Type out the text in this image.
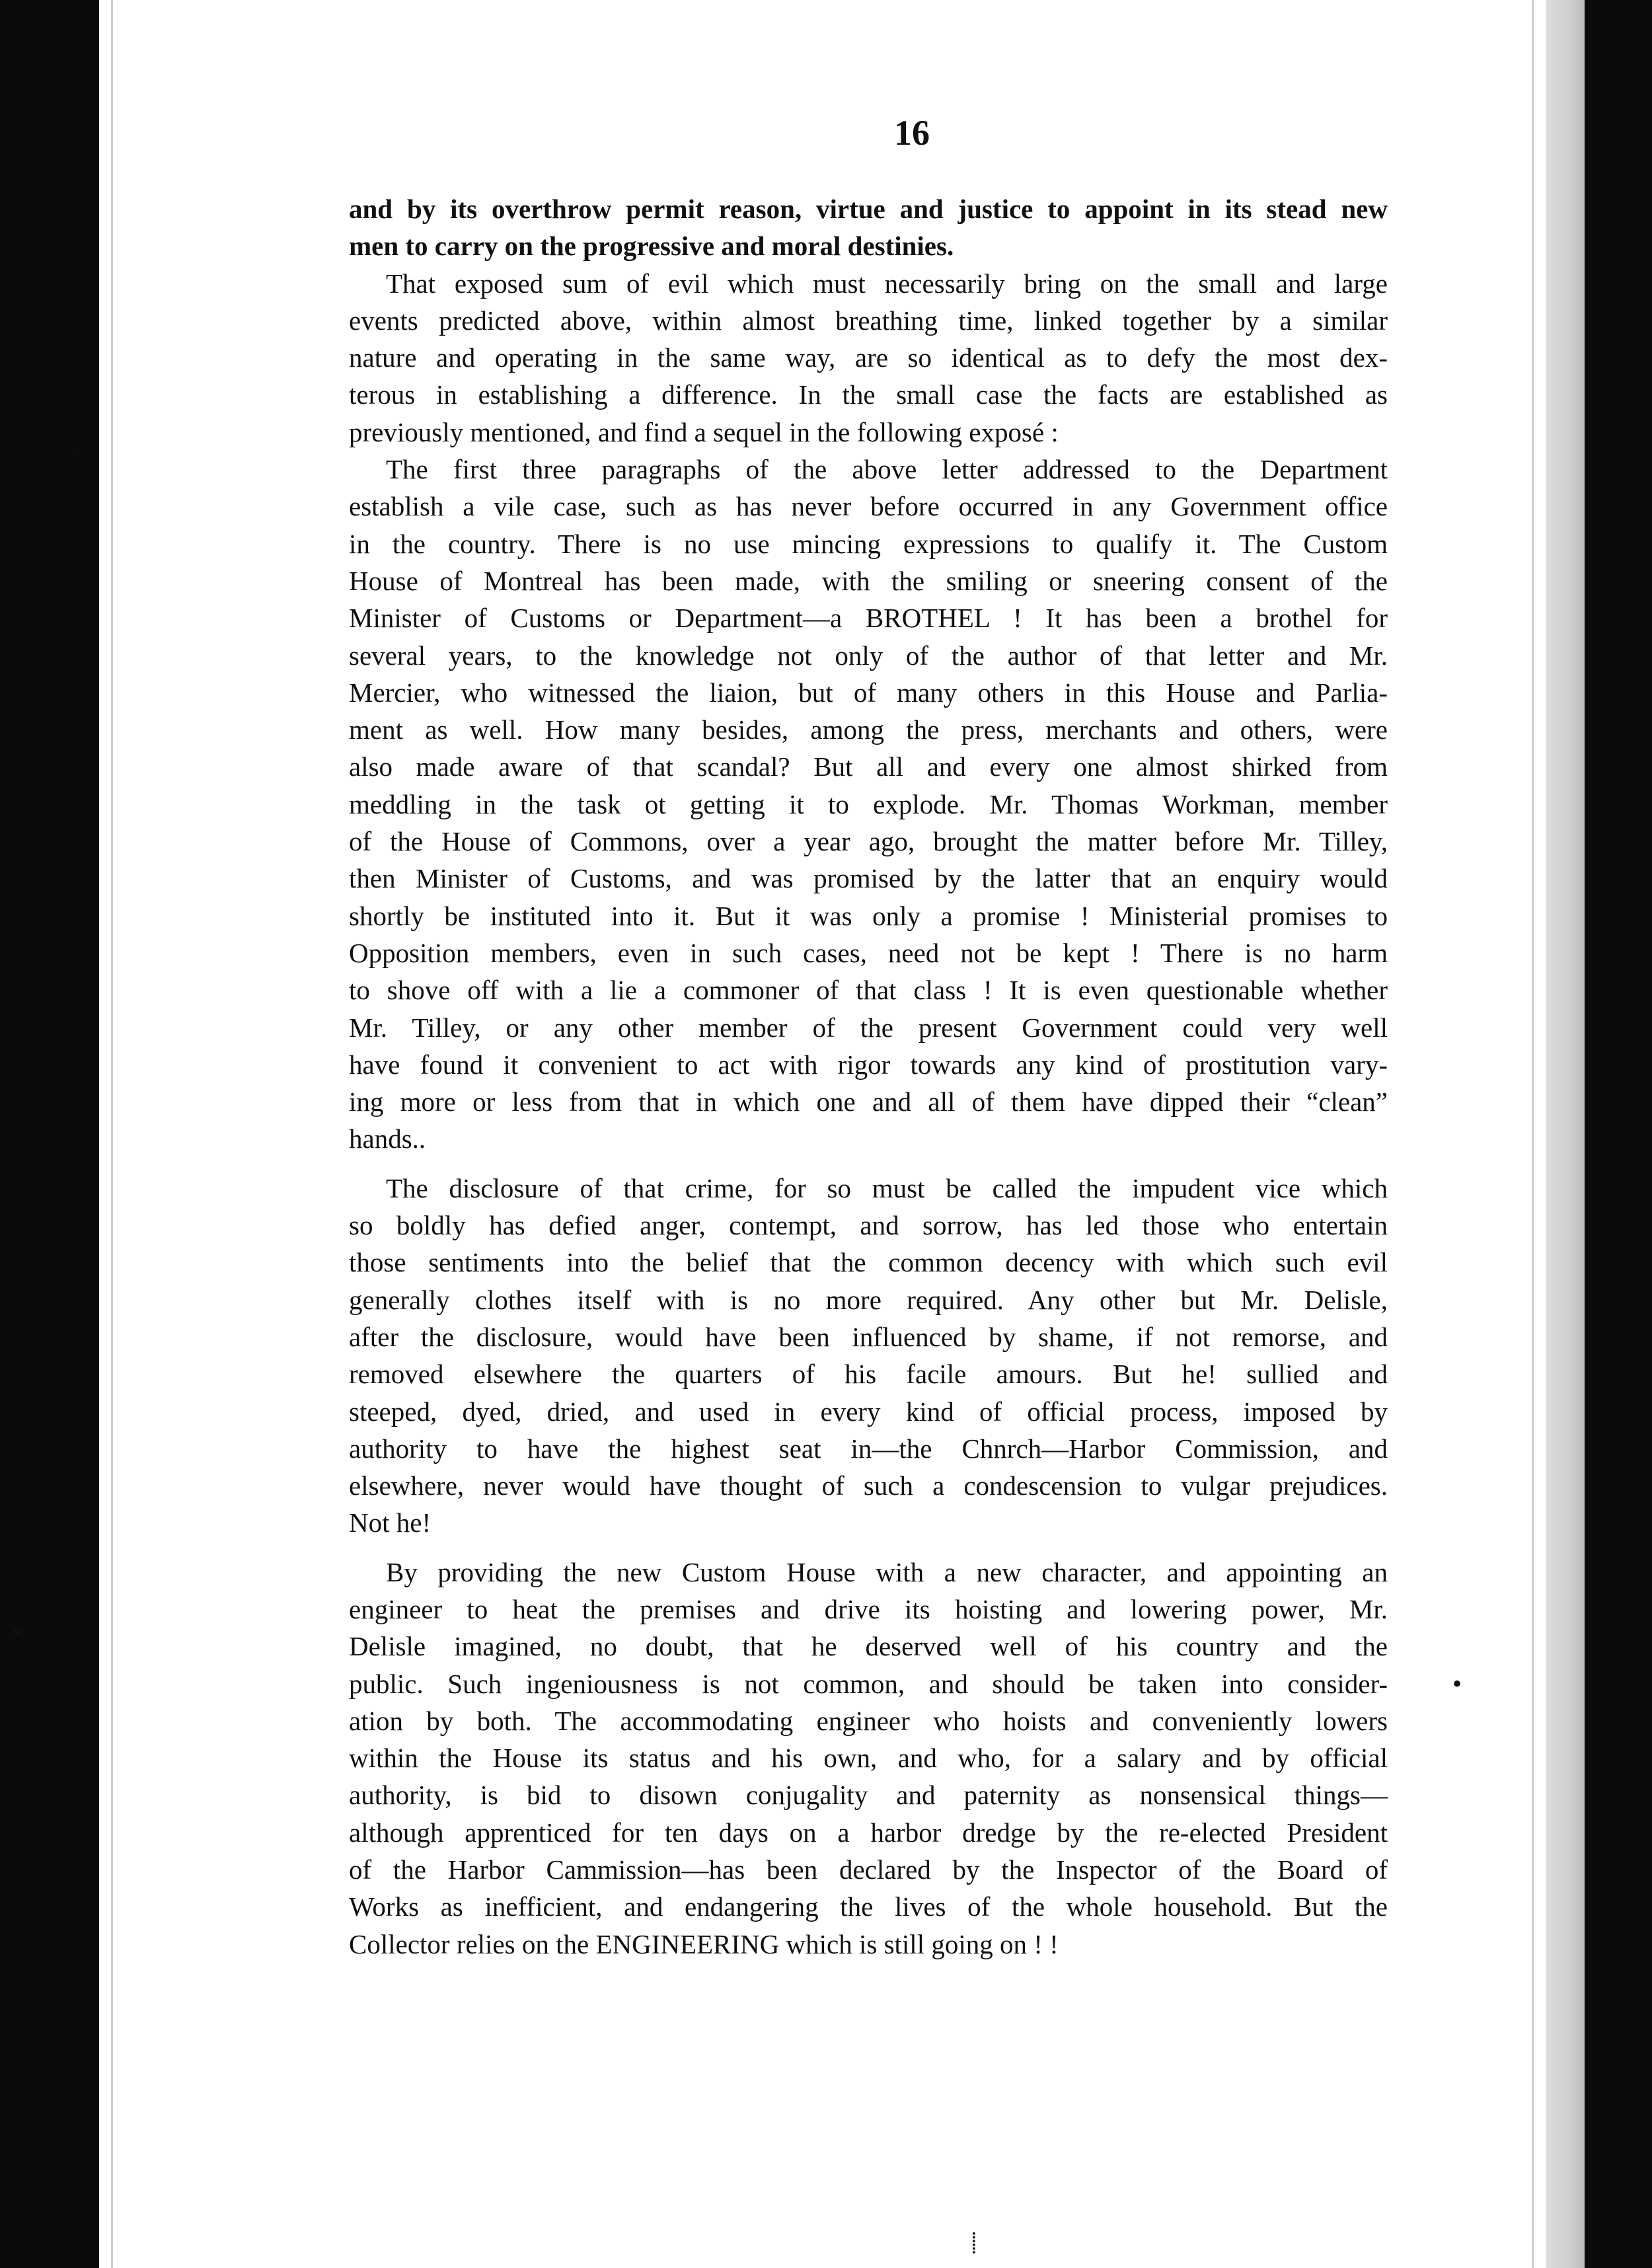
16

and by its overthrow permit reason, virtue and justice to appoint in its stead new

men to carry on the progressive and moral destinies.

That exposed sum of evil which must necessarily bring on the small and large

events predicted above, within almost breathing time, linked together by a similar

nature and operating in the same way, are so identical as to defy the most dex-

terous in establishing a difference. In the small case the facts are established as

previously mentioned, and find a sequel in the following exposé :

The first three paragraphs of the above letter addressed to the Department

establish a vile case, such as has never before occurred in any Government office

in the country. There is no use mincing expressions to qualify it. The Custom

House of Montreal has been made, with the smiling or sneering consent of the

Minister of Customs or Department—a BROTHEL ! It has been a brothel for

several years, to the knowledge not only of the author of that letter and Mr.

Mercier, who witnessed the liaion, but of many others in this House and Parlia-

ment as well. How many besides, among the press, merchants and others, were

also made aware of that scandal? But all and every one almost shirked from

meddling in the task ot getting it to explode. Mr. Thomas Workman, member

of the House of Commons, over a year ago, brought the matter before Mr. Tilley,

then Minister of Customs, and was promised by the latter that an enquiry would

shortly be instituted into it. But it was only a promise ! Ministerial promises to

Opposition members, even in such cases, need not be kept ! There is no harm

to shove off with a lie a commoner of that class ! It is even questionable whether

Mr. Tilley, or any other member of the present Government could very well

have found it convenient to act with rigor towards any kind of prostitution vary-

ing more or less from that in which one and all of them have dipped their “clean”

hands..

The disclosure of that crime, for so must be called the impudent vice which

so boldly has defied anger, contempt, and sorrow, has led those who entertain

those sentiments into the belief that the common decency with which such evil

generally clothes itself with is no more required. Any other but Mr. Delisle,

after the disclosure, would have been influenced by shame, if not remorse, and

removed elsewhere the quarters of his facile amours. But he! sullied and

steeped, dyed, dried, and used in every kind of official process, imposed by

authority to have the highest seat in—the Chnrch—Harbor Commission, and

elsewhere, never would have thought of such a condescension to vulgar prejudices.

Not he!

By providing the new Custom House with a new character, and appointing an

engineer to heat the premises and drive its hoisting and lowering power, Mr.

Delisle imagined, no doubt, that he deserved well of his country and the

public. Such ingeniousness is not common, and should be taken into consider-

ation by both. The accommodating engineer who hoists and conveniently lowers

within the House its status and his own, and who, for a salary and by official

authority, is bid to disown conjugality and paternity as nonsensical things—

although apprenticed for ten days on a harbor dredge by the re-elected President

of the Harbor Cammission—has been declared by the Inspector of the Board of

Works as inefficient, and endangering the lives of the whole household. But the

Collector relies on the ENGINEERING which is still going on ! !

·
⌄
•
⸽
